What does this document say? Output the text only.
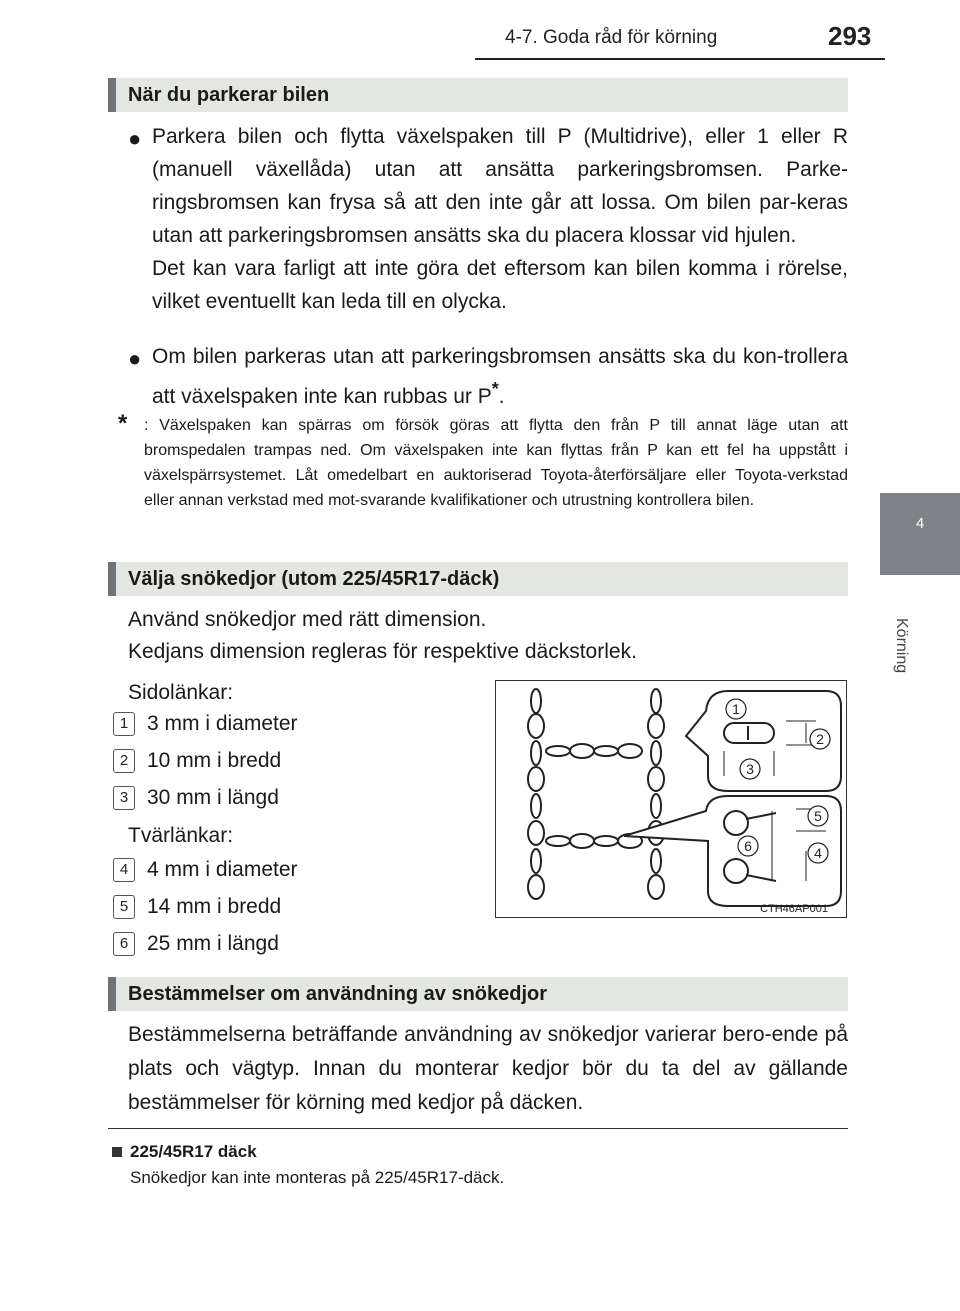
4-7. Goda råd för körning	293
4
Körning
När du parkerar bilen
● Parkera bilen och flytta växelspaken till P (Multidrive), eller 1 eller R (manuell växellåda) utan att ansätta parkeringsbromsen. Parke-ringsbromsen kan frysa så att den inte går att lossa. Om bilen par-keras utan att parkeringsbromsen ansätts ska du placera klossar vid hjulen.
Det kan vara farligt att inte göra det eftersom kan bilen komma i rörelse, vilket eventuellt kan leda till en olycka.
● Om bilen parkeras utan att parkeringsbromsen ansätts ska du kon-trollera att växelspaken inte kan rubbas ur P*.
* : Växelspaken kan spärras om försök göras att flytta den från P till annat läge utan att bromspedalen trampas ned. Om växelspaken inte kan flyttas från P kan ett fel ha uppstått i växelspärrsystemet. Låt omedelbart en auktoriserad Toyota-återförsäljare eller Toyota-verkstad eller annan verkstad med mot-svarande kvalifikationer och utrustning kontrollera bilen.
Välja snökedjor (utom 225/45R17-däck)
Använd snökedjor med rätt dimension.
Kedjans dimension regleras för respektive däckstorlek.
Sidolänkar:
1 3 mm i diameter
2 10 mm i bredd
3 30 mm i längd
Tvärlänkar:
4 4 mm i diameter
5 14 mm i bredd
6 25 mm i längd
1
2
3
5
6	4
CTH46AP001
Bestämmelser om användning av snökedjor
Bestämmelserna beträffande användning av snökedjor varierar bero-ende på plats och vägtyp. Innan du monterar kedjor bör du ta del av gällande bestämmelser för körning med kedjor på däcken.
225/45R17 däck
Snökedjor kan inte monteras på 225/45R17-däck.
